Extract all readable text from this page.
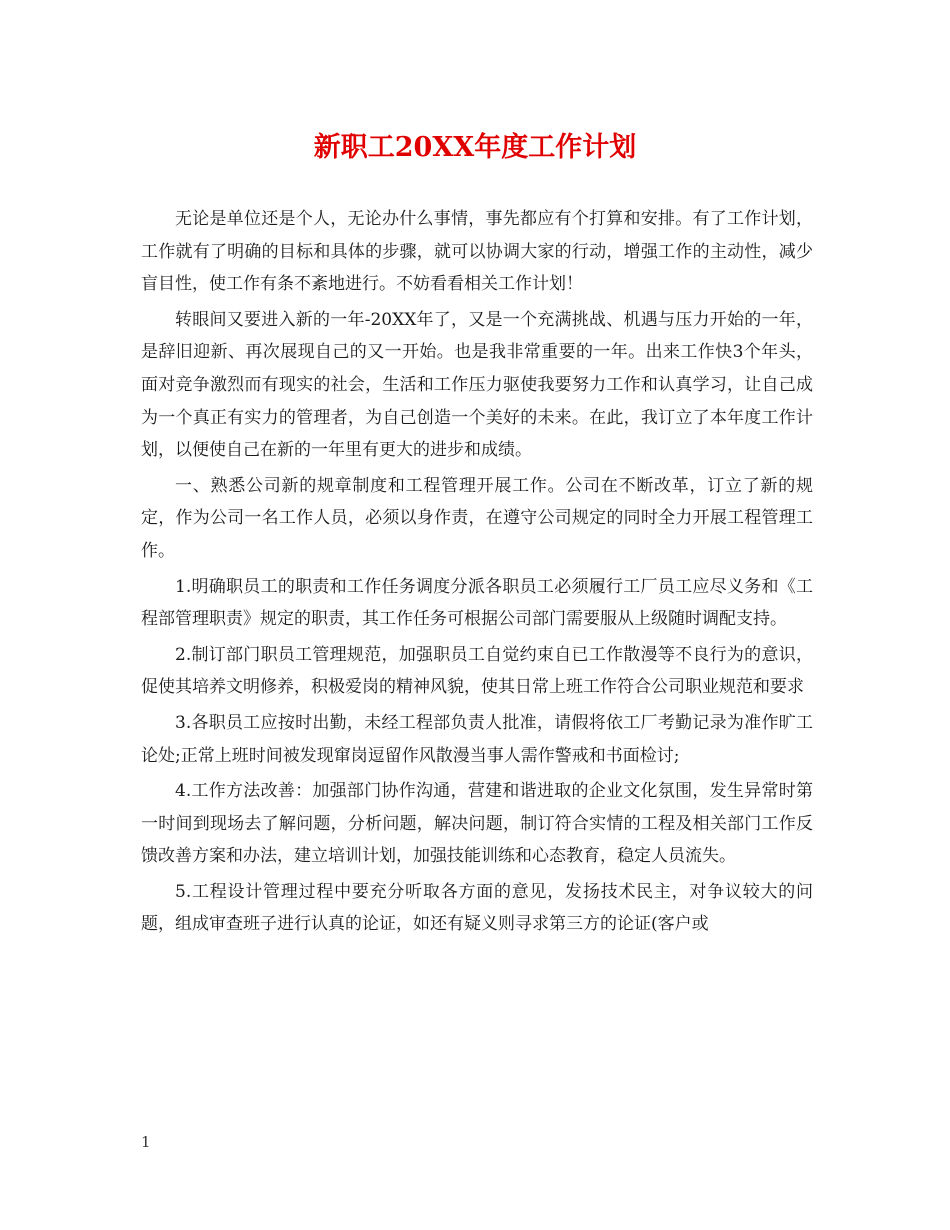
新职工20XX年度工作计划

无论是单位还是个人，无论办什么事情，事先都应有个打算和安排。有了工作计划，工作就有了明确的目标和具体的步骤，就可以协调大家的行动，增强工作的主动性，减少盲目性，使工作有条不紊地进行。不妨看看相关工作计划！

转眼间又要进入新的一年-20XX年了，又是一个充满挑战、机遇与压力开始的一年，是辞旧迎新、再次展现自己的又一开始。也是我非常重要的一年。出来工作快3个年头，面对竞争激烈而有现实的社会，生活和工作压力驱使我要努力工作和认真学习，让自己成为一个真正有实力的管理者，为自己创造一个美好的未来。在此，我订立了本年度工作计划，以便使自己在新的一年里有更大的进步和成绩。

一、熟悉公司新的规章制度和工程管理开展工作。公司在不断改革，订立了新的规定，作为公司一名工作人员，必须以身作责，在遵守公司规定的同时全力开展工程管理工作。

1.明确职员工的职责和工作任务调度分派各职员工必须履行工厂员工应尽义务和《工程部管理职责》规定的职责，其工作任务可根据公司部门需要服从上级随时调配支持。

2.制订部门职员工管理规范，加强职员工自觉约束自已工作散漫等不良行为的意识，促使其培养文明修养，积极爱岗的精神风貌，使其日常上班工作符合公司职业规范和要求

3.各职员工应按时出勤，未经工程部负责人批准，请假将依工厂考勤记录为准作旷工论处;正常上班时间被发现窜岗逗留作风散漫当事人需作警戒和书面检讨;

4.工作方法改善：加强部门协作沟通，营建和谐进取的企业文化氛围，发生异常时第一时间到现场去了解问题，分析问题，解决问题，制订符合实情的工程及相关部门工作反馈改善方案和办法，建立培训计划，加强技能训练和心态教育，稳定人员流失。

5.工程设计管理过程中要充分听取各方面的意见，发扬技术民主，对争议较大的问题，组成审查班子进行认真的论证，如还有疑义则寻求第三方的论证(客户或

1
